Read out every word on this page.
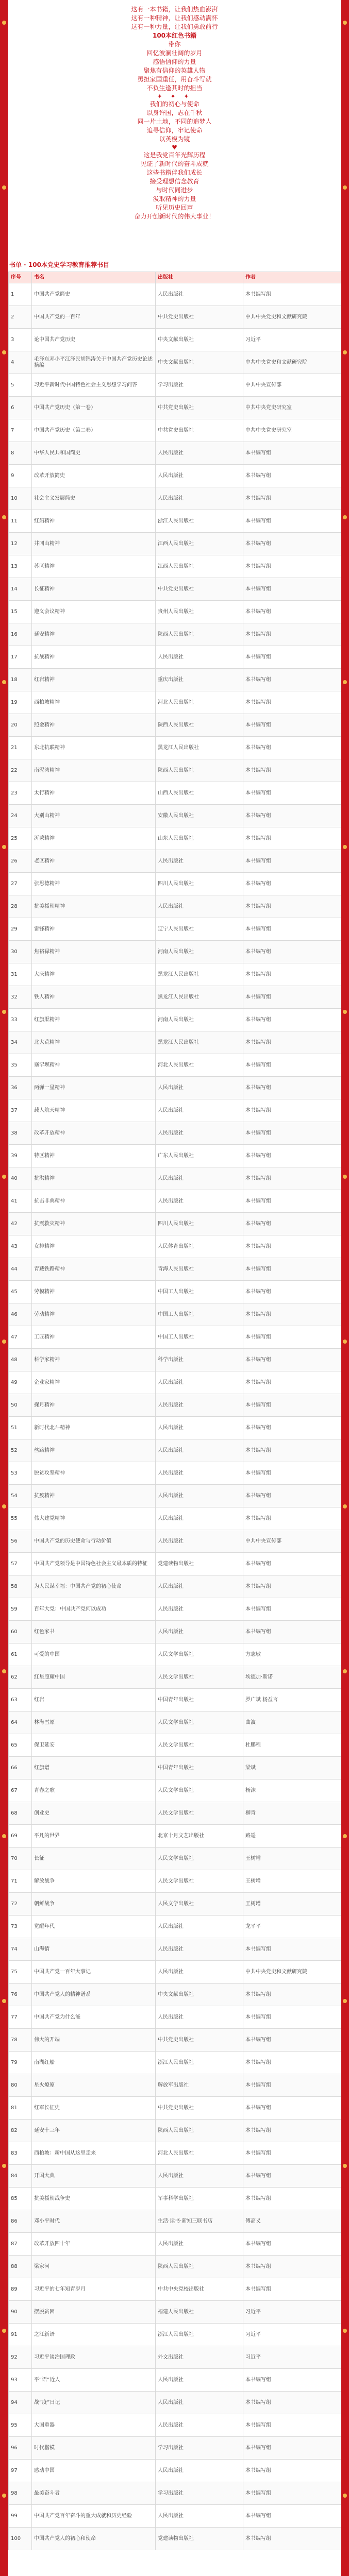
这有一本书籍，让我们热血澎湃

这有一种精神，让我们感动满怀

这有一种力量，让我们勇敢前行

100本红色书籍

带你

回忆波澜壮阔的岁月

感悟信仰的力量

聚焦有信仰的英雄人物

勇担家国重任，用奋斗写就

不负生逢其时的担当

✦ ✦ ✦

我们的初心与使命

以身许国，志在千秋

同一片土地，不同的追梦人

追寻信仰，牢记使命

以英模为镜

♥

这是我党百年光辉历程

见证了新时代的奋斗成就

这些书籍伴我们成长

接受理想信念教育

与时代同进步

汲取精神的力量

听见历史回声

奋力开创新时代的伟大事业！

书单 · 100本党史学习教育推荐书目
序号	书名	出版社	作者
1	中国共产党简史	人民出版社	本书编写组
2	中国共产党的一百年	中共党史出版社	中共中央党史和文献研究院
3	论中国共产党历史	中央文献出版社	习近平
4	毛泽东邓小平江泽民胡锦涛关于中国共产党历史论述摘编	中央文献出版社	中共中央党史和文献研究院
5	习近平新时代中国特色社会主义思想学习问答	学习出版社	中共中央宣传部
6	中国共产党历史（第一卷）	中共党史出版社	中共中央党史研究室
7	中国共产党历史（第二卷）	中共党史出版社	中共中央党史研究室
8	中华人民共和国简史	人民出版社	本书编写组
9	改革开放简史	人民出版社	本书编写组
10	社会主义发展简史	人民出版社	本书编写组
11	红船精神	浙江人民出版社	本书编写组
12	井冈山精神	江西人民出版社	本书编写组
13	苏区精神	江西人民出版社	本书编写组
14	长征精神	中共党史出版社	本书编写组
15	遵义会议精神	贵州人民出版社	本书编写组
16	延安精神	陕西人民出版社	本书编写组
17	抗战精神	人民出版社	本书编写组
18	红岩精神	重庆出版社	本书编写组
19	西柏坡精神	河北人民出版社	本书编写组
20	照金精神	陕西人民出版社	本书编写组
21	东北抗联精神	黑龙江人民出版社	本书编写组
22	南泥湾精神	陕西人民出版社	本书编写组
23	太行精神	山西人民出版社	本书编写组
24	大别山精神	安徽人民出版社	本书编写组
25	沂蒙精神	山东人民出版社	本书编写组
26	老区精神	人民出版社	本书编写组
27	张思德精神	四川人民出版社	本书编写组
28	抗美援朝精神	人民出版社	本书编写组
29	雷锋精神	辽宁人民出版社	本书编写组
30	焦裕禄精神	河南人民出版社	本书编写组
31	大庆精神	黑龙江人民出版社	本书编写组
32	铁人精神	黑龙江人民出版社	本书编写组
33	红旗渠精神	河南人民出版社	本书编写组
34	北大荒精神	黑龙江人民出版社	本书编写组
35	塞罕坝精神	河北人民出版社	本书编写组
36	两弹一星精神	人民出版社	本书编写组
37	载人航天精神	人民出版社	本书编写组
38	改革开放精神	人民出版社	本书编写组
39	特区精神	广东人民出版社	本书编写组
40	抗洪精神	人民出版社	本书编写组
41	抗击非典精神	人民出版社	本书编写组
42	抗震救灾精神	四川人民出版社	本书编写组
43	女排精神	人民体育出版社	本书编写组
44	青藏铁路精神	青海人民出版社	本书编写组
45	劳模精神	中国工人出版社	本书编写组
46	劳动精神	中国工人出版社	本书编写组
47	工匠精神	中国工人出版社	本书编写组
48	科学家精神	科学出版社	本书编写组
49	企业家精神	人民出版社	本书编写组
50	探月精神	人民出版社	本书编写组
51	新时代北斗精神	人民出版社	本书编写组
52	丝路精神	人民出版社	本书编写组
53	脱贫攻坚精神	人民出版社	本书编写组
54	抗疫精神	人民出版社	本书编写组
55	伟大建党精神	人民出版社	本书编写组
56	中国共产党的历史使命与行动价值	人民出版社	中共中央宣传部
57	中国共产党领导是中国特色社会主义最本质的特征	党建读物出版社	本书编写组
58	为人民谋幸福：中国共产党的初心使命	人民出版社	本书编写组
59	百年大党：中国共产党何以成功	人民出版社	本书编写组
60	红色家书	人民出版社	本书编写组
61	可爱的中国	人民文学出版社	方志敏
62	红星照耀中国	人民文学出版社	埃德加·斯诺
63	红岩	中国青年出版社	罗广斌 杨益言
64	林海雪原	人民文学出版社	曲波
65	保卫延安	人民文学出版社	杜鹏程
66	红旗谱	中国青年出版社	梁斌
67	青春之歌	人民文学出版社	杨沫
68	创业史	人民文学出版社	柳青
69	平凡的世界	北京十月文艺出版社	路遥
70	长征	人民文学出版社	王树增
71	解放战争	人民文学出版社	王树增
72	朝鲜战争	人民文学出版社	王树增
73	觉醒年代	人民出版社	龙平平
74	山海情	人民出版社	本书编写组
75	中国共产党一百年大事记	人民出版社	中共中央党史和文献研究院
76	中国共产党人的精神谱系	中央文献出版社	本书编写组
77	中国共产党为什么能	人民出版社	本书编写组
78	伟大的开端	中共党史出版社	本书编写组
79	南湖红船	浙江人民出版社	本书编写组
80	星火燎原	解放军出版社	本书编写组
81	红军长征史	中共党史出版社	本书编写组
82	延安十三年	陕西人民出版社	本书编写组
83	西柏坡：新中国从这里走来	河北人民出版社	本书编写组
84	开国大典	人民出版社	本书编写组
85	抗美援朝战争史	军事科学出版社	本书编写组
86	邓小平时代	生活·读书·新知三联书店	傅高义
87	改革开放四十年	人民出版社	本书编写组
88	梁家河	陕西人民出版社	本书编写组
89	习近平的七年知青岁月	中共中央党校出版社	本书编写组
90	摆脱贫困	福建人民出版社	习近平
91	之江新语	浙江人民出版社	习近平
92	习近平谈治国理政	外文出版社	习近平
93	平“语”近人	人民出版社	本书编写组
94	战“疫”日记	人民出版社	本书编写组
95	大国重器	人民出版社	本书编写组
96	时代楷模	学习出版社	本书编写组
97	感动中国	人民出版社	本书编写组
98	最美奋斗者	学习出版社	本书编写组
99	中国共产党百年奋斗的重大成就和历史经验	人民出版社	本书编写组
100	中国共产党人的初心和使命	党建读物出版社	本书编写组
